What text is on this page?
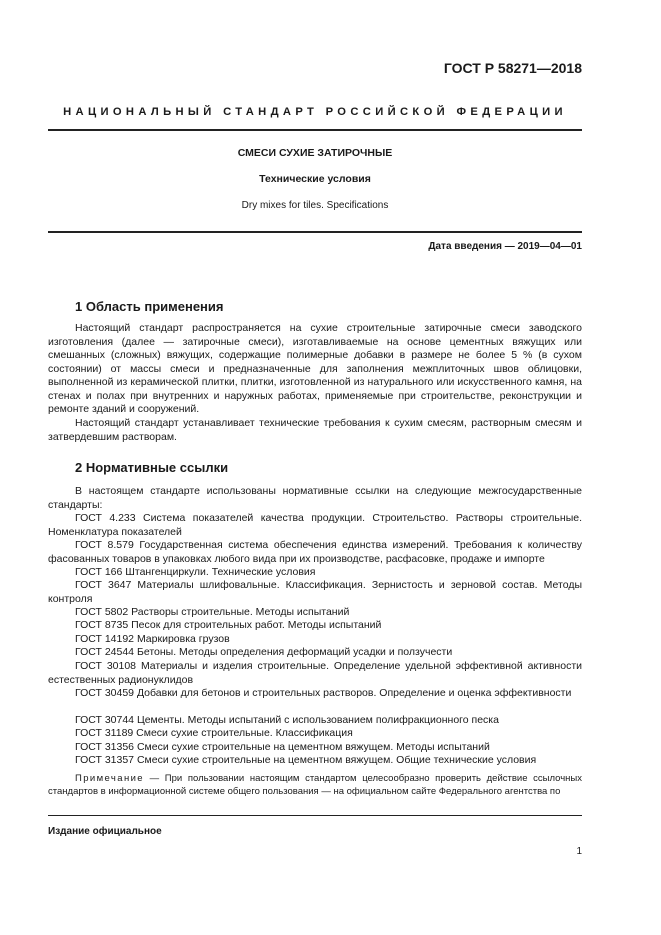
ГОСТ Р 58271—2018
НАЦИОНАЛЬНЫЙ СТАНДАРТ РОССИЙСКОЙ ФЕДЕРАЦИИ
СМЕСИ СУХИЕ ЗАТИРОЧНЫЕ
Технические условия
Dry mixes for tiles. Specifications
Дата введения — 2019—04—01
1 Область применения

Настоящий стандарт распространяется на сухие строительные затирочные смеси заводского изготовления (далее — затирочные смеси), изготавливаемые на основе цементных вяжущих или смешанных (сложных) вяжущих, содержащие полимерные добавки в размере не более 5 % (в сухом состоянии) от массы смеси и предназначенные для заполнения межплиточных швов облицовки, выполненной из керамической плитки, плитки, изготовленной из натурального или искусственного камня, на стенах и полах при внутренних и наружных работах, применяемые при строительстве, реконструкции и ремонте зданий и сооружений.

Настоящий стандарт устанавливает технические требования к сухим смесям, растворным смесям и затвердевшим растворам.

2 Нормативные ссылки

В настоящем стандарте использованы нормативные ссылки на следующие межгосударственные стандарты:

ГОСТ 4.233 Система показателей качества продукции. Строительство. Растворы строительные. Номенклатура показателей

ГОСТ 8.579 Государственная система обеспечения единства измерений. Требования к количеству фасованных товаров в упаковках любого вида при их производстве, расфасовке, продаже и импорте

ГОСТ 166 Штангенциркули. Технические условия

ГОСТ 3647 Материалы шлифовальные. Классификация. Зернистость и зерновой состав. Методы контроля

ГОСТ 5802 Растворы строительные. Методы испытаний

ГОСТ 8735 Песок для строительных работ. Методы испытаний

ГОСТ 14192 Маркировка грузов

ГОСТ 24544 Бетоны. Методы определения деформаций усадки и ползучести

ГОСТ 30108 Материалы и изделия строительные. Определение удельной эффективной активности естественных радионуклидов

ГОСТ 30459 Добавки для бетонов и строительных растворов. Определение и оценка эффективности

ГОСТ 30744 Цементы. Методы испытаний с использованием полифракционного песка

ГОСТ 31189 Смеси сухие строительные. Классификация

ГОСТ 31356 Смеси сухие строительные на цементном вяжущем. Методы испытаний

ГОСТ 31357 Смеси сухие строительные на цементном вяжущем. Общие технические условия

Примечание — При пользовании настоящим стандартом целесообразно проверить действие ссылочных стандартов в информационной системе общего пользования — на официальном сайте Федерального агентства по

Издание официальное
1
